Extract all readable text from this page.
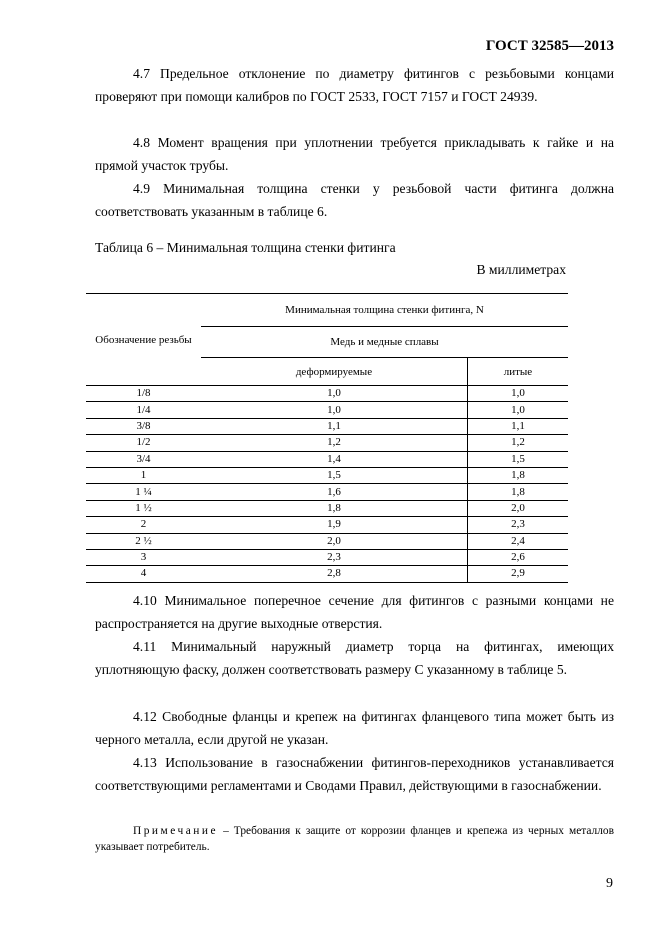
ГОСТ 32585—2013

4.7 Предельное отклонение по диаметру фитингов с резьбовыми концами проверяют при помощи калибров по ГОСТ 2533, ГОСТ 7157 и ГОСТ 24939.

4.8 Момент вращения при уплотнении требуется прикладывать к гайке и на прямой участок трубы.

4.9 Минимальная толщина стенки у резьбовой части фитинга должна соответствовать указанным в таблице 6.

Таблица 6 – Минимальная толщина стенки фитинга
В миллиметрах
Обозначение резьбы	Минимальная толщина стенки фитинга, N	
	Медь и медные сплавы	
	деформируемые	литые
1/8	1,0	1,0
1/4	1,0	1,0
3/8	1,1	1,1
1/2	1,2	1,2
3/4	1,4	1,5
1	1,5	1,8
1 ¼	1,6	1,8
1 ½	1,8	2,0
2	1,9	2,3
2 ½	2,0	2,4
3	2,3	2,6
4	2,8	2,9

4.10 Минимальное поперечное сечение для фитингов с разными концами не распространяется на другие выходные отверстия.

4.11 Минимальный наружный диаметр торца на фитингах, имеющих уплотняющую фаску, должен соответствовать размеру С указанному в таблице 5.

4.12 Свободные фланцы и крепеж на фитингах фланцевого типа может быть из черного металла, если другой не указан.

4.13 Использование в газоснабжении фитингов-переходников устанавливается соответствующими регламентами и Сводами Правил, действующими в газоснабжении.

Примечание – Требования к защите от коррозии фланцев и крепежа из черных металлов указывает потребитель.

9
